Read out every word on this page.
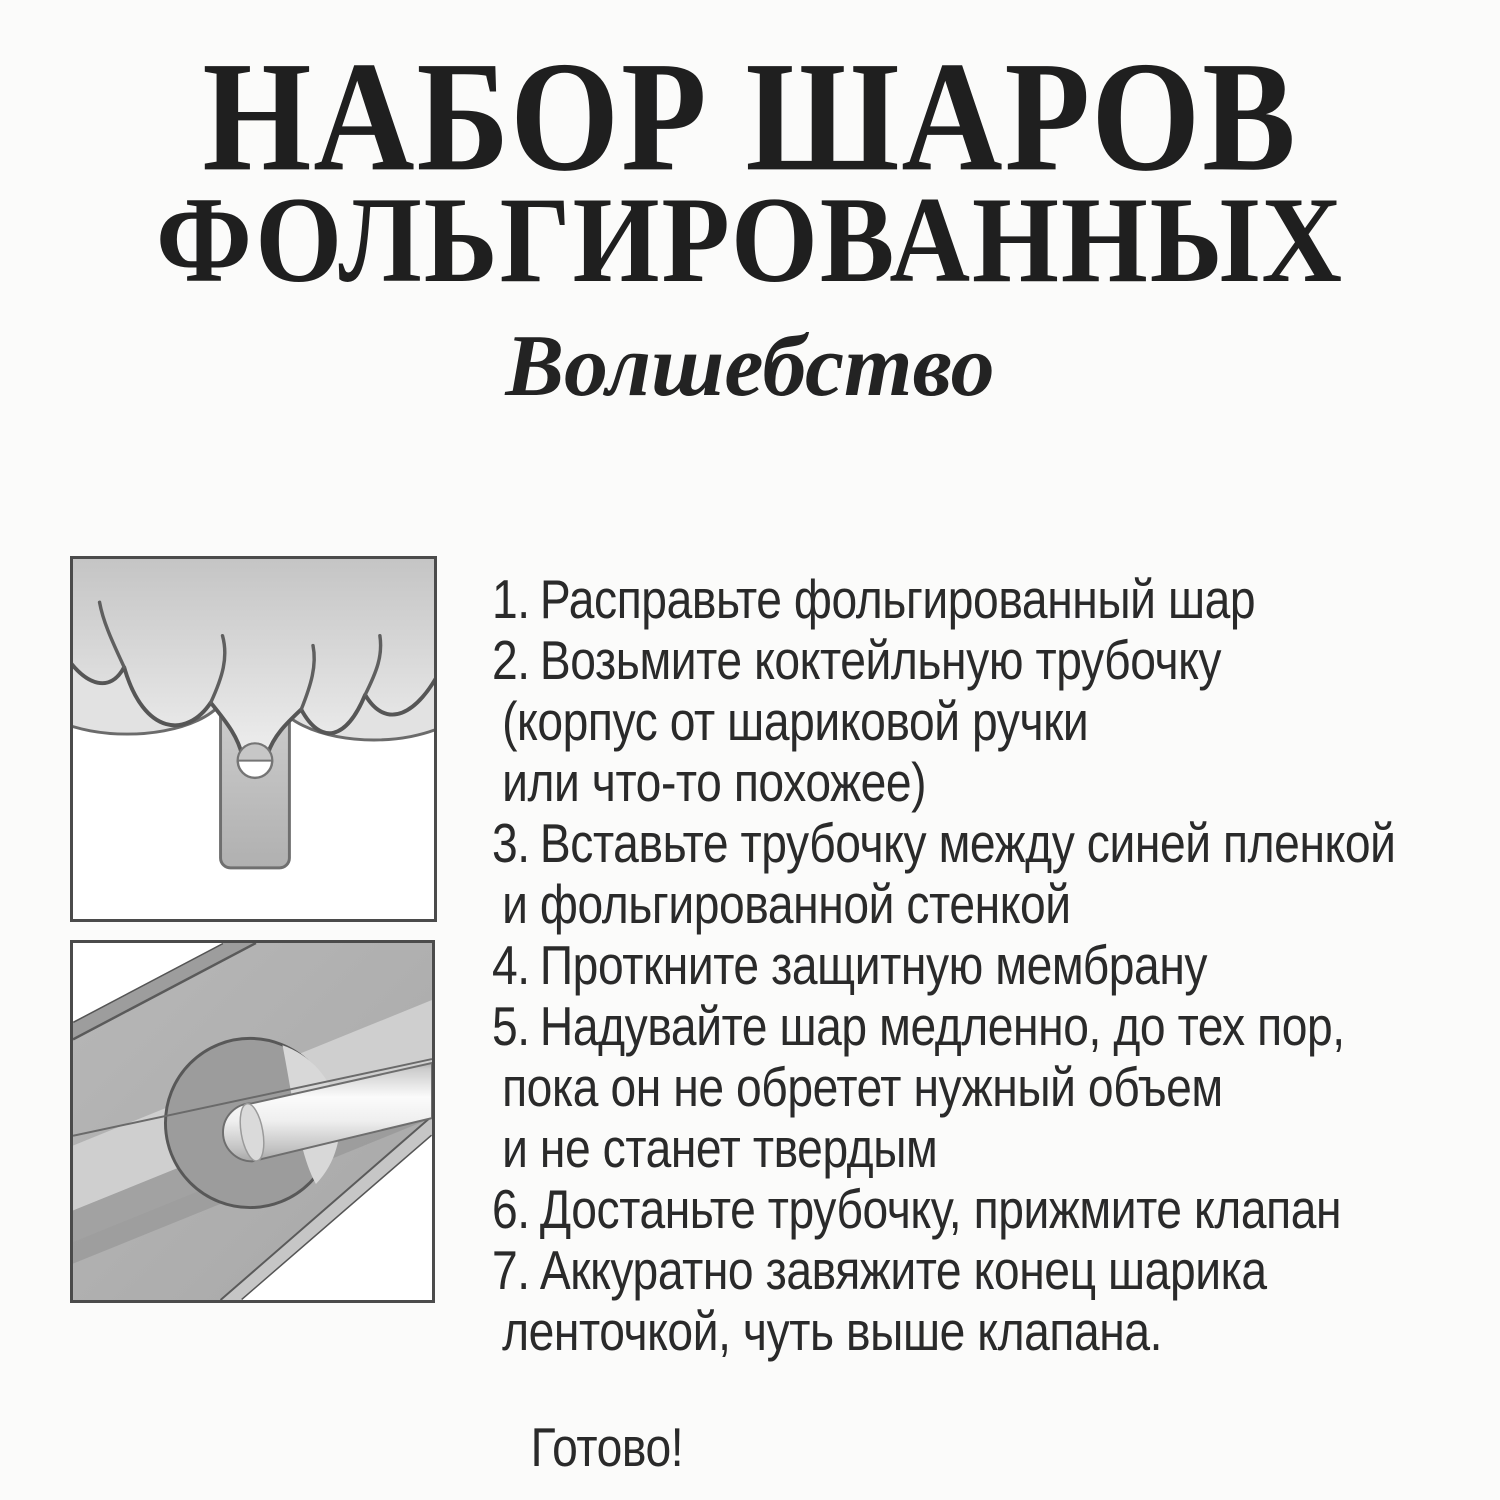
НАБОР ШАРОВ
ФОЛЬГИРОВАННЫХ
Волшебство
1. Расправьте фольгированный шар
2. Возьмите коктейльную трубочку
(корпус от шариковой ручки
или что-то похожее)
3. Вставьте трубочку между синей пленкой
и фольгированной стенкой
4. Проткните защитную мембрану
5. Надувайте шар медленно, до тех пор,
пока он не обретет нужный объем
и не станет твердым
6. Достаньте трубочку, прижмите клапан
7. Аккуратно завяжите конец шарика
ленточкой, чуть выше клапана.
Готово!
